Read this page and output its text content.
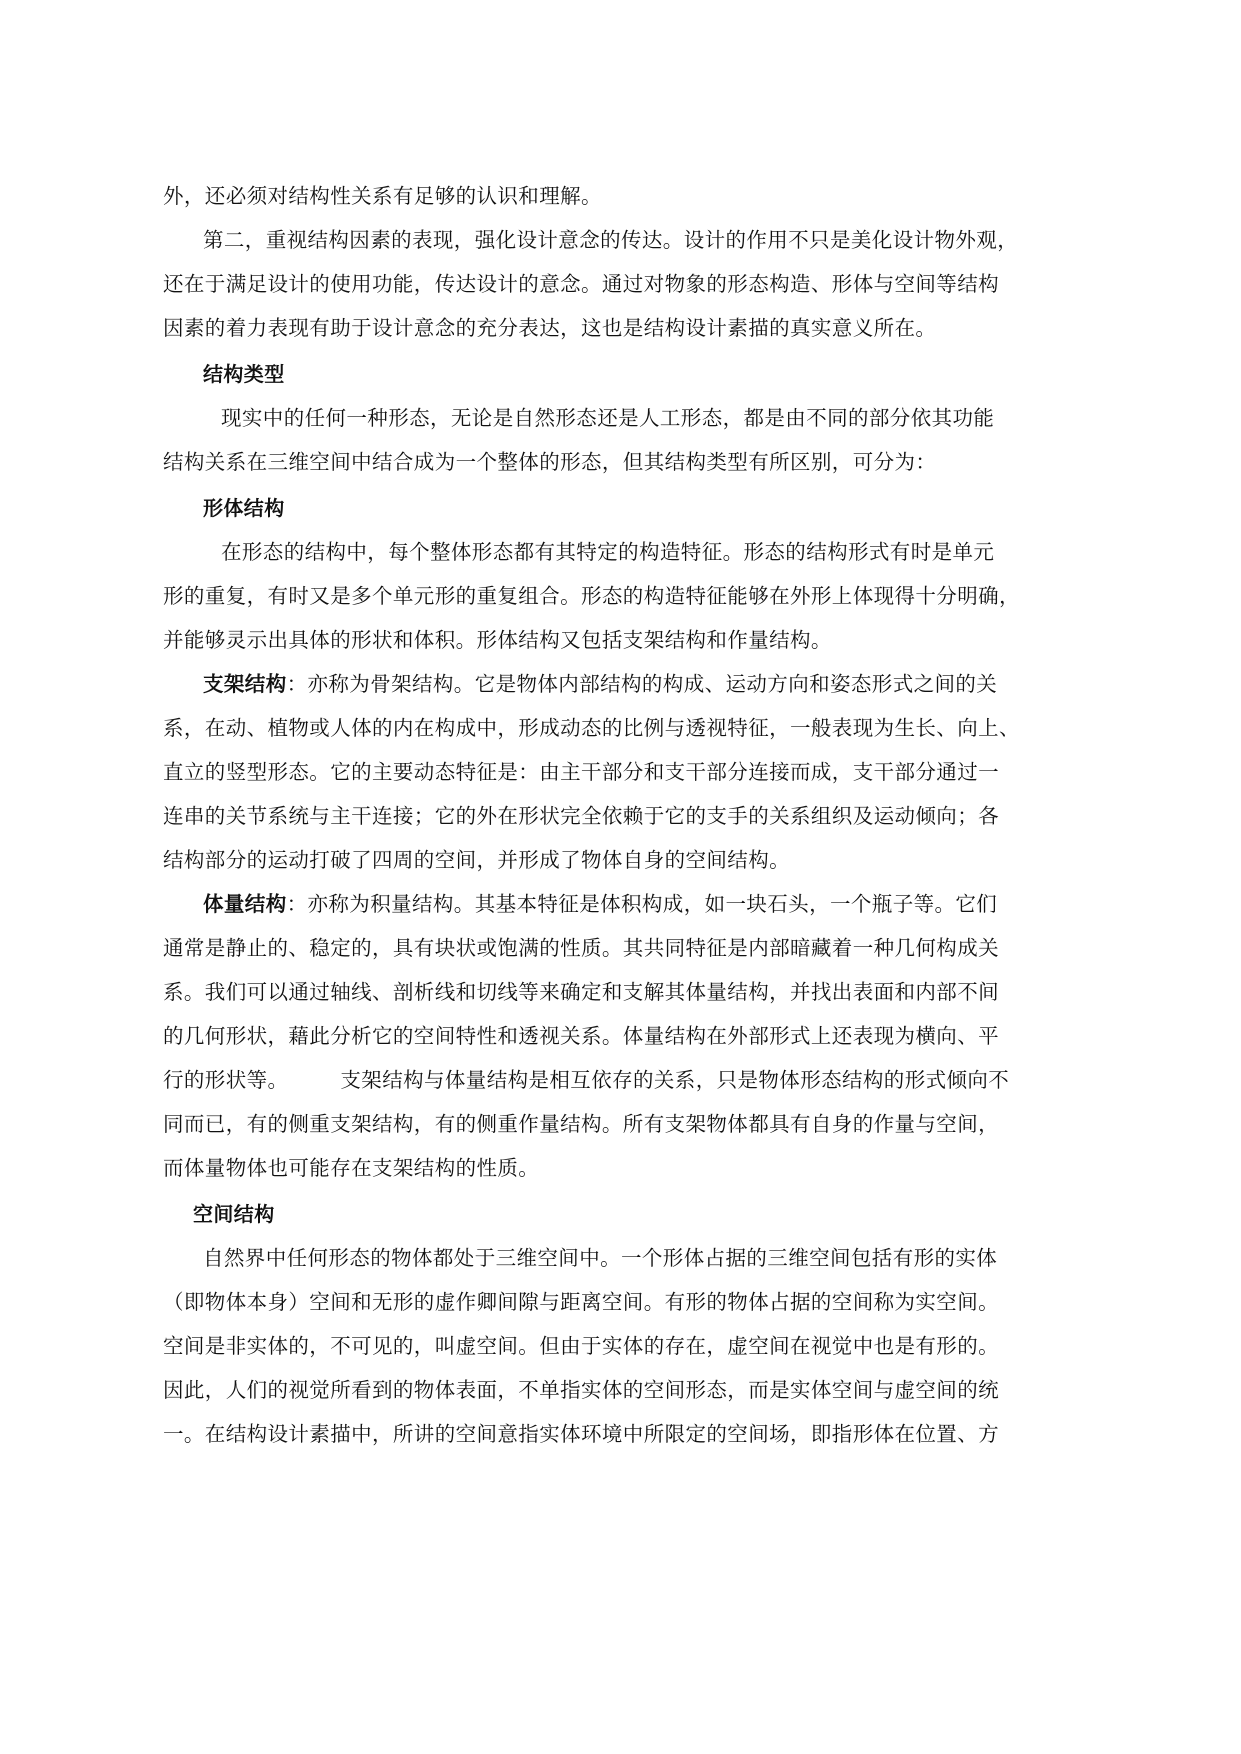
外，还必须对结构性关系有足够的认识和理解。
第二，重视结构因素的表现，强化设计意念的传达。设计的作用不只是美化设计物外观，
还在于满足设计的使用功能，传达设计的意念。通过对物象的形态构造、形体与空间等结构
因素的着力表现有助于设计意念的充分表达，这也是结构设计素描的真实意义所在。
结构类型
现实中的任何一种形态，无论是自然形态还是人工形态，都是由不同的部分依其功能
结构关系在三维空间中结合成为一个整体的形态，但其结构类型有所区别，可分为：
形体结构
在形态的结构中，每个整体形态都有其特定的构造特征。形态的结构形式有时是单元
形的重复，有时又是多个单元形的重复组合。形态的构造特征能够在外形上体现得十分明确，
并能够灵示出具体的形状和体积。形体结构又包括支架结构和作量结构。
支架结构：亦称为骨架结构。它是物体内部结构的构成、运动方向和姿态形式之间的关
系，在动、植物或人体的内在构成中，形成动态的比例与透视特征，一般表现为生长、向上、
直立的竖型形态。它的主要动态特征是：由主干部分和支干部分连接而成，支干部分通过一
连串的关节系统与主干连接；它的外在形状完全依赖于它的支手的关系组织及运动倾向；各
结构部分的运动打破了四周的空间，并形成了物体自身的空间结构。
体量结构：亦称为积量结构。其基本特征是体积构成，如一块石头，一个瓶子等。它们
通常是静止的、稳定的，具有块状或饱满的性质。其共同特征是内部暗藏着一种几何构成关
系。我们可以通过轴线、剖析线和切线等来确定和支解其体量结构，并找出表面和内部不间
的几何形状，藉此分析它的空间特性和透视关系。体量结构在外部形式上还表现为横向、平
行的形状等。	支架结构与体量结构是相互依存的关系，只是物体形态结构的形式倾向不
同而已，有的侧重支架结构，有的侧重作量结构。所有支架物体都具有自身的作量与空间，
而体量物体也可能存在支架结构的性质。
空间结构
自然界中任何形态的物体都处于三维空间中。一个形体占据的三维空间包括有形的实体
（即物体本身）空间和无形的虚作卿间隙与距离空间。有形的物体占据的空间称为实空间。
空间是非实体的，不可见的，叫虚空间。但由于实体的存在，虚空间在视觉中也是有形的。
因此，人们的视觉所看到的物体表面，不单指实体的空间形态，而是实体空间与虚空间的统
一。在结构设计素描中，所讲的空间意指实体环境中所限定的空间场，即指形体在位置、方
